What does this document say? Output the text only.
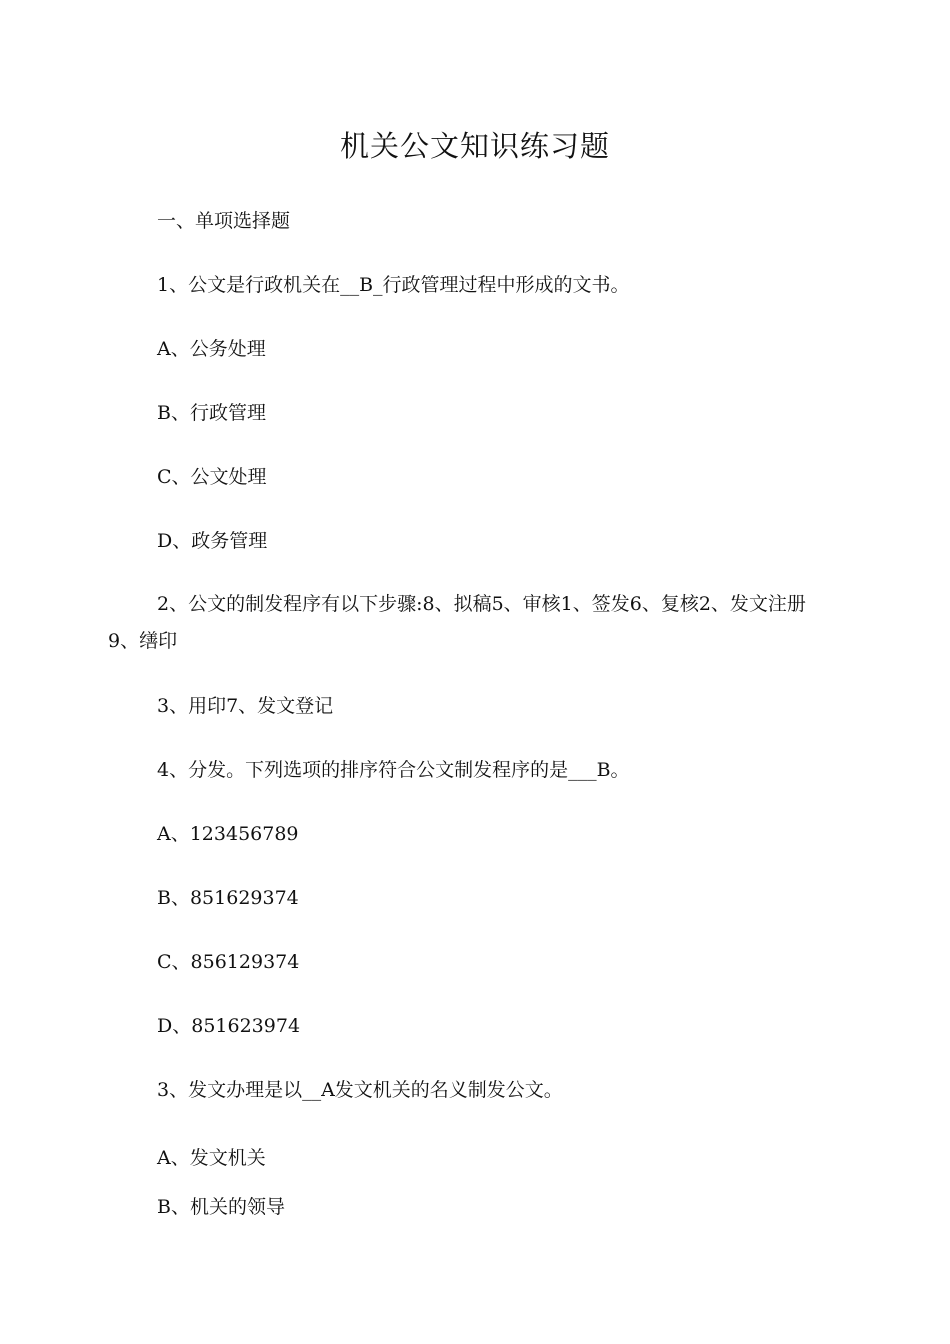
机关公文知识练习题
一、单项选择题
1、公文是行政机关在__B_行政管理过程中形成的文书。
A、公务处理
B、行政管理
C、公文处理
D、政务管理
2、公文的制发程序有以下步骤:8、拟稿5、审核1、签发6、复核2、发文注册9、缮印
3、用印7、发文登记
4、分发。下列选项的排序符合公文制发程序的是___B。
A、123456789
B、851629374
C、856129374
D、851623974
3、发文办理是以__A发文机关的名义制发公文。
A、发文机关
B、机关的领导
